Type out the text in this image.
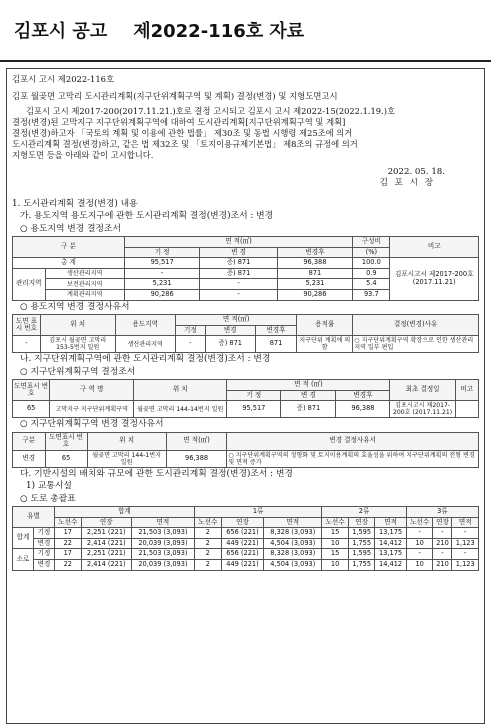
김포시 공고 제2022-116호 자료

김포시 고시 제2022-116호

김포 월곶면 고막리 도시관리계획(지구단위계획구역 및 계획) 결정(변경) 및 지형도면고시

김포시 고시 제2017-200(2017.11.21.)호로 결정 고시되고 김포시 고시 제2022-15(2022.1.19.)호
결정(변경)된 고막지구 지구단위계획구역에 대하여 도시관리계획[지구단위계획구역 및 계획]
결정(변경)하고자 「국토의 계획 및 이용에 관한 법률」 제30조 및 동법 시행령 제25조에 의거
도시관리계획 결정(변경)하고, 같은 법 제32조 및 「토지이용규제기본법」 제8조의 규정에 의거
지형도면 등을 아래와 같이 고시합니다.
2022. 05. 18.
김 포 시 장

1. 도시관리계획 결정(변경) 내용

가. 용도지역 용도지구에 관한 도시관리계획 결정(변경)조서 : 변경

○ 용도지역 변경 결정조서

구 분		면 적(㎡)			구성비	비고
		기 정	변 경	변경후	(%)	
총 계		95,517	증) 871	96,388	100.0	김포시고시 제2017-200호 (2017.11.21)
관리지역	생산관리지역	-	증) 871	871	0.9	
	보전관리지역	5,231	-	5,231	5.4	
	계획관리지역	90,286	-	90,286	93.7	

○ 용도지역 변경 결정사유서

도면 표시 번호	위 치	용도지역	면 적(㎡)			용적률	결정(변경)사유
			기정	변경	변경후		
-	김포시 월곶면 고막리 153-5번지 일원	생산관리지역	-	증) 871	871	지구단위 계획에 의함	○ 지구단위계획구역 확장으로 인한 생산관리지역 일부 편입

나. 지구단위계획구역에 관한 도시관리계획 결정(변경)조서 : 변경

○ 지구단위계획구역 결정조서

도면표시 번호	구 역 명	위 치	면 적 (㎡)			최초 결정일	비고
			기 정	변 경	변경후		
65	고막지구 지구단위계획구역	월곶면 고막리 144-14번지 일원	95,517	증) 871	96,388	김포시고시 제2017-200호 (2017.11.21)	

○ 지구단위계획구역 변경 결정사유서

구분	도면표시 번 호	위 치	면 적(㎡)	변경 결정사유서
변경	65	월곶면 고막리 144-1번지 일원	96,388	○ 지구단위계획구역의 정형화 및 토지이용계획의 효율성을 위하여 지구단위계획의 전형 변경 및 면적 증가

다. 기반시설의 배치와 규모에 관한 도시관리계획 결정(변경)조서 : 변경

1) 교통시설

○ 도로 총괄표

유별		합계			1류			2류			3류		
		노선수	연장	면적	노선수	연장	면적	노선수	연장	면적	노선수	연장	면적
합계	기정	17	2,251 (221)	21,503 (3,093)	2	656 (221)	8,328 (3,093)	15	1,595	13,175	-	-	-
	변경	22	2,414 (221)	20,039 (3,093)	2	449 (221)	4,504 (3,093)	10	1,755	14,412	10	210	1,123
소로	기정	17	2,251 (221)	21,503 (3,093)	2	656 (221)	8,328 (3,093)	15	1,595	13,175	-	-	-
	변경	22	2,414 (221)	20,039 (3,093)	2	449 (221)	4,504 (3,093)	10	1,755	14,412	10	210	1,123
